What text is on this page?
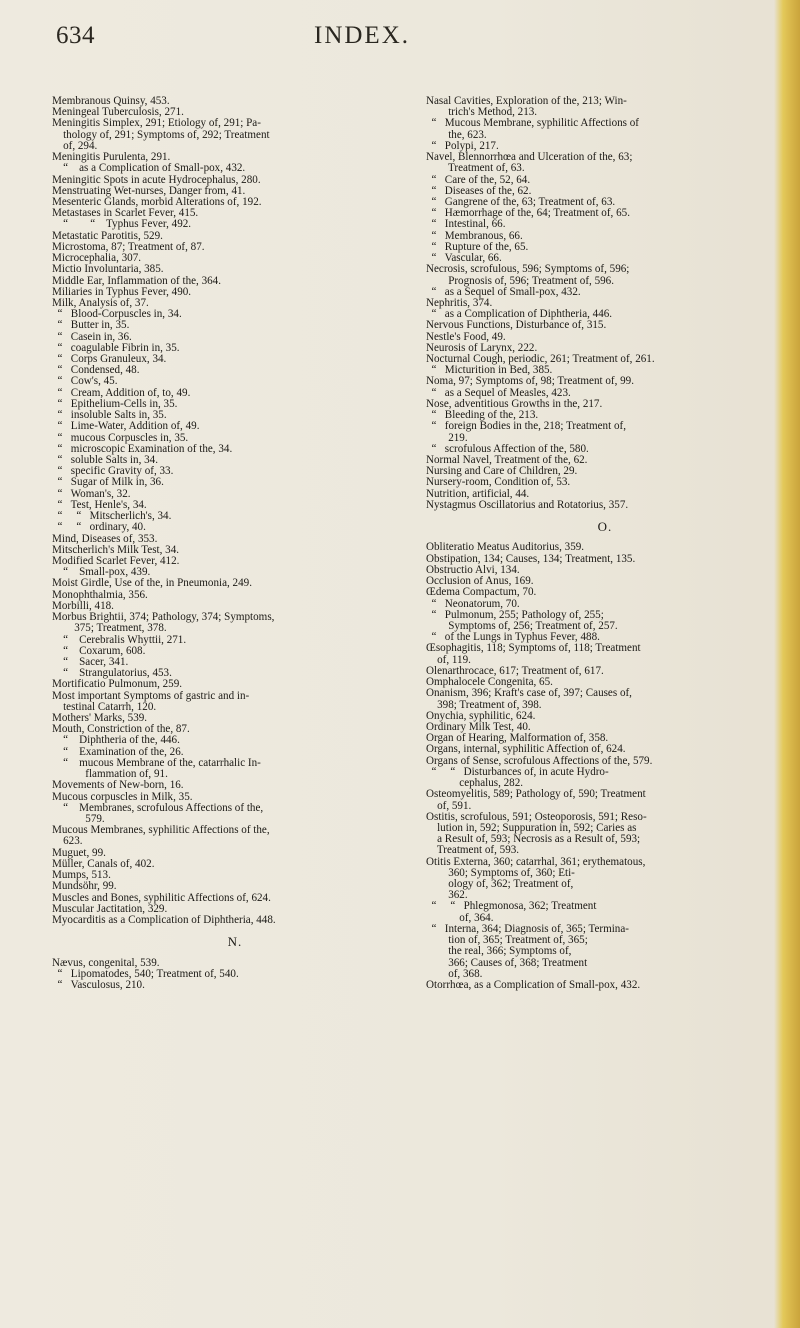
634	INDEX.
Membranous Quinsy, 453.
Meningeal Tuberculosis, 271.
Meningitis Simplex, 291; Etiology of, 291; Pa-
thology of, 291; Symptoms of, 292; Treatment
of, 294.
Meningitis Purulenta, 291.
“    as a Complication of Small-pox, 432.
Meningitic Spots in acute Hydrocephalus, 280.
Menstruating Wet-nurses, Danger from, 41.
Mesenteric Glands, morbid Alterations of, 192.
Metastases in Scarlet Fever, 415.
“        “    Typhus Fever, 492.
Metastatic Parotitis, 529.
Microstoma, 87; Treatment of, 87.
Microcephalia, 307.
Mictio Involuntaria, 385.
Middle Ear, Inflammation of the, 364.
Miliaries in Typhus Fever, 490.
Milk, Analysis of, 37.
“   Blood-Corpuscles in, 34.
“   Butter in, 35.
“   Casein in, 36.
“   coagulable Fibrin in, 35.
“   Corps Granuleux, 34.
“   Condensed, 48.
“   Cow's, 45.
“   Cream, Addition of, to, 49.
“   Epithelium-Cells in, 35.
“   insoluble Salts in, 35.
“   Lime-Water, Addition of, 49.
“   mucous Corpuscles in, 35.
“   microscopic Examination of the, 34.
“   soluble Salts in, 34.
“   specific Gravity of, 33.
“   Sugar of Milk in, 36.
“   Woman's, 32.
“   Test, Henle's, 34.
“     “   Mitscherlich's, 34.
“     “   ordinary, 40.
Mind, Diseases of, 353.
Mitscherlich's Milk Test, 34.
Modified Scarlet Fever, 412.
“    Small-pox, 439.
Moist Girdle, Use of the, in Pneumonia, 249.
Monophthalmia, 356.
Morbilli, 418.
Morbus Brightii, 374; Pathology, 374; Symptoms,
375; Treatment, 378.
“    Cerebralis Whyttii, 271.
“    Coxarum, 608.
“    Sacer, 341.
“    Strangulatorius, 453.
Mortificatio Pulmonum, 259.
Most important Symptoms of gastric and in-
testinal Catarrh, 120.
Mothers' Marks, 539.
Mouth, Constriction of the, 87.
“    Diphtheria of the, 446.
“    Examination of the, 26.
“    mucous Membrane of the, catarrhalic In-
flammation of, 91.
Movements of New-born, 16.
Mucous corpuscles in Milk, 35.
“    Membranes, scrofulous Affections of the,
579.
Mucous Membranes, syphilitic Affections of the,
623.
Muguet, 99.
Müller, Canals of, 402.
Mumps, 513.
Mundsöhr, 99.
Muscles and Bones, syphilitic Affections of, 624.
Muscular Jactitation, 329.
Myocarditis as a Complication of Diphtheria, 448.
N.
Nævus, congenital, 539.
“   Lipomatodes, 540; Treatment of, 540.
“   Vasculosus, 210.
Nasal Cavities, Exploration of the, 213; Win-
trich's Method, 213.
“   Mucous Membrane, syphilitic Affections of
the, 623.
“   Polypi, 217.
Navel, Blennorrhœa and Ulceration of the, 63;
Treatment of, 63.
“   Care of the, 52, 64.
“   Diseases of the, 62.
“   Gangrene of the, 63; Treatment of, 63.
“   Hæmorrhage of the, 64; Treatment of, 65.
“   Intestinal, 66.
“   Membranous, 66.
“   Rupture of the, 65.
“   Vascular, 66.
Necrosis, scrofulous, 596; Symptoms of, 596;
Prognosis of, 596; Treatment of, 596.
“   as a Sequel of Small-pox, 432.
Nephritis, 374.
“   as a Complication of Diphtheria, 446.
Nervous Functions, Disturbance of, 315.
Nestle's Food, 49.
Neurosis of Larynx, 222.
Nocturnal Cough, periodic, 261; Treatment of, 261.
“   Micturition in Bed, 385.
Noma, 97; Symptoms of, 98; Treatment of, 99.
“   as a Sequel of Measles, 423.
Nose, adventitious Growths in the, 217.
“   Bleeding of the, 213.
“   foreign Bodies in the, 218; Treatment of,
219.
“   scrofulous Affection of the, 580.
Normal Navel, Treatment of the, 62.
Nursing and Care of Children, 29.
Nursery-room, Condition of, 53.
Nutrition, artificial, 44.
Nystagmus Oscillatorius and Rotatorius, 357.
O.
Obliteratio Meatus Auditorius, 359.
Obstipation, 134; Causes, 134; Treatment, 135.
Obstructio Alvi, 134.
Occlusion of Anus, 169.
Œdema Compactum, 70.
“   Neonatorum, 70.
“   Pulmonum, 255; Pathology of, 255;
Symptoms of, 256; Treatment of, 257.
“   of the Lungs in Typhus Fever, 488.
Œsophagitis, 118; Symptoms of, 118; Treatment
of, 119.
Olenarthrocace, 617; Treatment of, 617.
Omphalocele Congenita, 65.
Onanism, 396; Kraft's case of, 397; Causes of,
398; Treatment of, 398.
Onychia, syphilitic, 624.
Ordinary Milk Test, 40.
Organ of Hearing, Malformation of, 358.
Organs, internal, syphilitic Affection of, 624.
Organs of Sense, scrofulous Affections of the, 579.
“     “   Disturbances of, in acute Hydro-
cephalus, 282.
Osteomyelitis, 589; Pathology of, 590; Treatment
of, 591.
Ostitis, scrofulous, 591; Osteoporosis, 591; Reso-
lution in, 592; Suppuration in, 592; Caries as
a Result of, 593; Necrosis as a Result of, 593;
Treatment of, 593.
Otitis Externa, 360; catarrhal, 361; erythematous,
360; Symptoms of, 360; Eti-
ology of, 362; Treatment of,
362.
“     “   Phlegmonosa, 362; Treatment
of, 364.
“   Interna, 364; Diagnosis of, 365; Termina-
tion of, 365; Treatment of, 365;
the real, 366; Symptoms of,
366; Causes of, 368; Treatment
of, 368.
Otorrhœa, as a Complication of Small-pox, 432.
